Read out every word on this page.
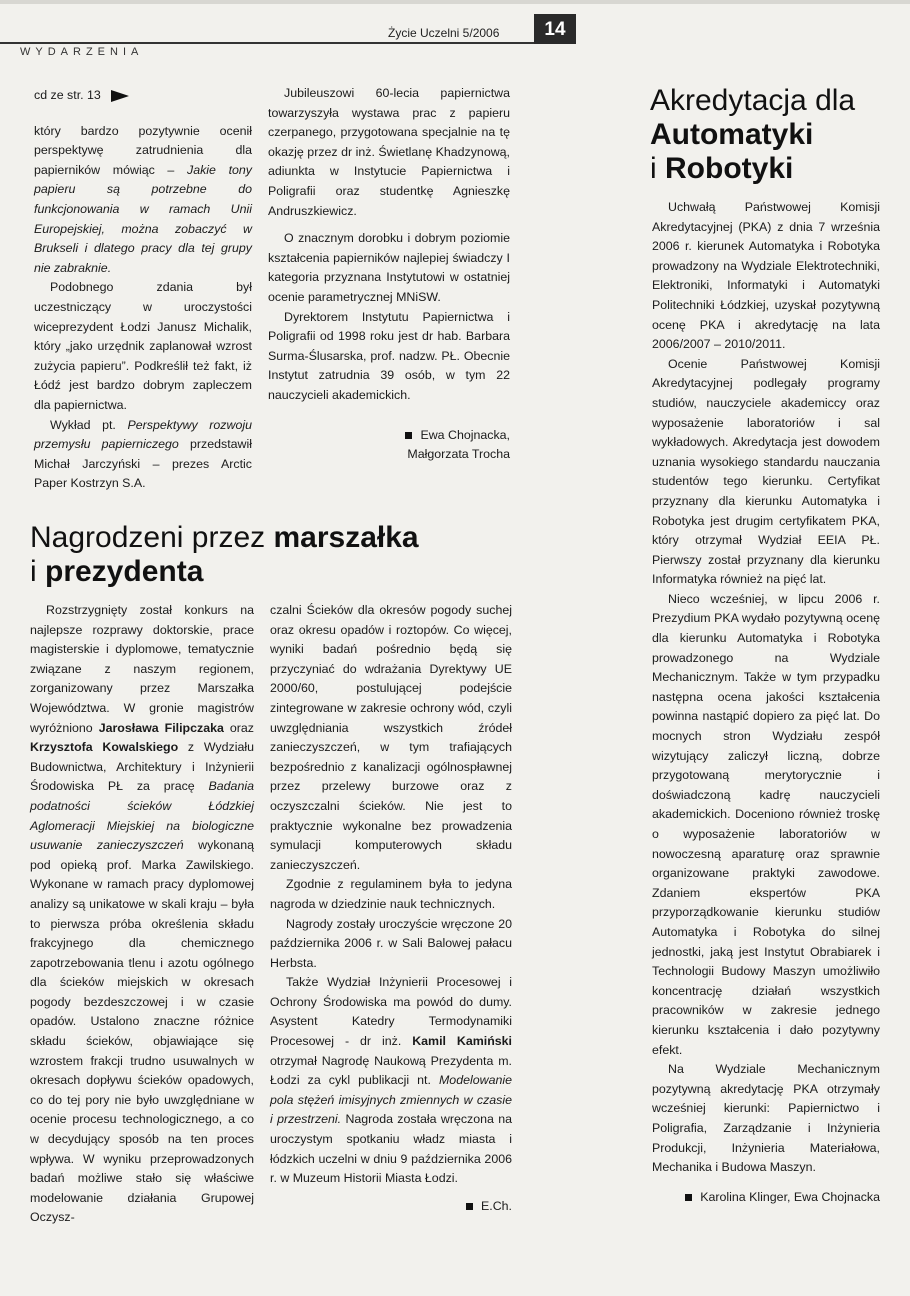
WYDARZENIA
Życie Uczelni 5/2006	14
cd ze str. 13

który bardzo pozytywnie ocenił perspektywę zatrudnienia dla papierników mówiąc – Jakie tony papieru są potrzebne do funkcjonowania w ramach Unii Europejskiej, można zobaczyć w Brukseli i dlatego pracy dla tej grupy nie zabraknie.

Podobnego zdania był uczestniczący w uroczystości wiceprezydent Łodzi Janusz Michalik, który „jako urzędnik zaplanował wzrost zużycia papieru”. Podkreślił też fakt, iż Łódź jest bardzo dobrym zapleczem dla papiernictwa.

Wykład pt. Perspektywy rozwoju przemysłu papierniczego przedstawił Michał Jarczyński – prezes Arctic Paper Kostrzyn S.A.

Jubileuszowi 60-lecia papiernictwa towarzyszyła wystawa prac z papieru czerpanego, przygotowana specjalnie na tę okazję przez dr inż. Świetlanę Khadzynową, adiunkta w Instytucie Papiernictwa i Poligrafii oraz studentkę Agnieszkę Andruszkiewicz.

O znacznym dorobku i dobrym poziomie kształcenia papierników najlepiej świadczy I kategoria przyznana Instytutowi w ostatniej ocenie parametrycznej MNiSW.

Dyrektorem Instytutu Papiernictwa i Poligrafii od 1998 roku jest dr hab. Barbara Surma-Ślusarska, prof. nadzw. PŁ. Obecnie Instytut zatrudnia 39 osób, w tym 22 nauczycieli akademickich.

Ewa Chojnacka,
Małgorzata Trocha
Nagrodzeni przez marszałka
i prezydenta

Rozstrzygnięty został konkurs na najlepsze rozprawy doktorskie, prace magisterskie i dyplomowe, tematycznie związane z naszym regionem, zorganizowany przez Marszałka Województwa. W gronie magistrów wyróżniono Jarosława Filipczaka oraz Krzysztofa Kowalskiego z Wydziału Budownictwa, Architektury i Inżynierii Środowiska PŁ za pracę Badania podatności ścieków Łódzkiej Aglomeracji Miejskiej na biologiczne usuwanie zanieczyszczeń wykonaną pod opieką prof. Marka Zawilskiego. Wykonane w ramach pracy dyplomowej analizy są unikatowe w skali kraju – była to pierwsza próba określenia składu frakcyjnego dla chemicznego zapotrzebowania tlenu i azotu ogólnego dla ścieków miejskich w okresach pogody bezdeszczowej i w czasie opadów. Ustalono znaczne różnice składu ścieków, objawiające się wzrostem frakcji trudno usuwalnych w okresach dopływu ścieków opadowych, co do tej pory nie było uwzględniane w ocenie procesu technologicznego, a co w decydujący sposób na ten proces wpływa. W wyniku przeprowadzonych badań możliwe stało się właściwe modelowanie działania Grupowej Oczysz-

czalni Ścieków dla okresów pogody suchej oraz okresu opadów i roztopów. Co więcej, wyniki badań pośrednio będą się przyczyniać do wdrażania Dyrektywy UE 2000/60, postulującej podejście zintegrowane w zakresie ochrony wód, czyli uwzględniania wszystkich źródeł zanieczyszczeń, w tym trafiających bezpośrednio z kanalizacji ogólnospławnej przez przelewy burzowe oraz z oczyszczalni ścieków. Nie jest to praktycznie wykonalne bez prowadzenia symulacji komputerowych składu zanieczyszczeń.

Zgodnie z regulaminem była to jedyna nagroda w dziedzinie nauk technicznych.

Nagrody zostały uroczyście wręczone 20 października 2006 r. w Sali Balowej pałacu Herbsta.

Także Wydział Inżynierii Procesowej i Ochrony Środowiska ma powód do dumy. Asystent Katedry Termodynamiki Procesowej - dr inż. Kamil Kamiński otrzymał Nagrodę Naukową Prezydenta m. Łodzi za cykl publikacji nt. Modelowanie pola stężeń imisyjnych zmiennych w czasie i przestrzeni. Nagroda została wręczona na uroczystym spotkaniu władz miasta i łódzkich uczelni w dniu 9 października 2006 r. w Muzeum Historii Miasta Łodzi.

E.Ch.
Akredytacja dla
Automatyki
i Robotyki

Uchwałą Państwowej Komisji Akredytacyjnej (PKA) z dnia 7 września 2006 r. kierunek Automatyka i Robotyka prowadzony na Wydziale Elektrotechniki, Elektroniki, Informatyki i Automatyki Politechniki Łódzkiej, uzyskał pozytywną ocenę PKA i akredytację na lata 2006/2007 – 2010/2011.

Ocenie Państwowej Komisji Akredytacyjnej podlegały programy studiów, nauczyciele akademiccy oraz wyposażenie laboratoriów i sal wykładowych. Akredytacja jest dowodem uznania wysokiego standardu nauczania studentów tego kierunku. Certyfikat przyznany dla kierunku Automatyka i Robotyka jest drugim certyfikatem PKA, który otrzymał Wydział EEIA PŁ. Pierwszy został przyznany dla kierunku Informatyka również na pięć lat.

Nieco wcześniej, w lipcu 2006 r. Prezydium PKA wydało pozytywną ocenę dla kierunku Automatyka i Robotyka prowadzonego na Wydziale Mechanicznym. Także w tym przypadku następna ocena jakości kształcenia powinna nastąpić dopiero za pięć lat. Do mocnych stron Wydziału zespół wizytujący zaliczył liczną, dobrze przygotowaną merytorycznie i doświadczoną kadrę nauczycieli akademickich. Doceniono również troskę o wyposażenie laboratoriów w nowoczesną aparaturę oraz sprawnie organizowane praktyki zawodowe. Zdaniem ekspertów PKA przyporządkowanie kierunku studiów Automatyka i Robotyka do silnej jednostki, jaką jest Instytut Obrabiarek i Technologii Budowy Maszyn umożliwiło koncentrację działań wszystkich pracowników w zakresie jednego kierunku kształcenia i dało pozytywny efekt.

Na Wydziale Mechanicznym pozytywną akredytację PKA otrzymały wcześniej kierunki: Papiernictwo i Poligrafia, Zarządzanie i Inżynieria Produkcji, Inżynieria Materiałowa, Mechanika i Budowa Maszyn.

Karolina Klinger, Ewa Chojnacka
